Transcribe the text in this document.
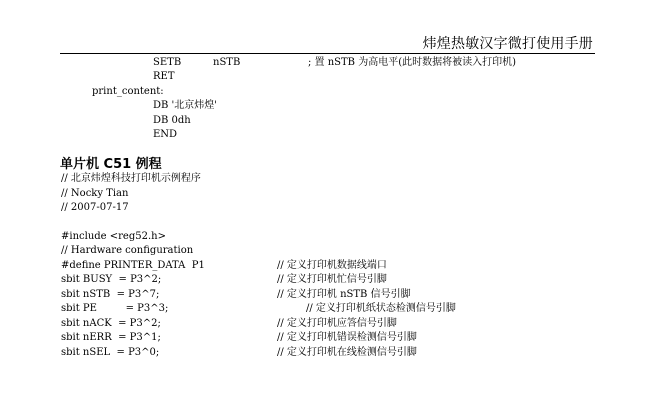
炜煌热敏汉字微打使用手册
SETB	nSTB	; 置 nSTB 为高电平(此时数据将被读入打印机)
RET
print_content:
DB '北京炜煌'
DB 0dh
END
单片机 C51 例程
// 北京炜煌科技打印机示例程序
// Nocky Tian
// 2007-07-17
#include <reg52.h>
// Hardware configuration
#define PRINTER_DATA  P1	// 定义打印机数据线端口
sbit BUSY  = P3^2;	// 定义打印机忙信号引脚
sbit nSTB  = P3^7;	// 定义打印机 nSTB 信号引脚
sbit PE         = P3^3;	// 定义打印机纸状态检测信号引脚
sbit nACK  = P3^2;	// 定义打印机应答信号引脚
sbit nERR  = P3^1;	// 定义打印机错误检测信号引脚
sbit nSEL  = P3^0;	// 定义打印机在线检测信号引脚
